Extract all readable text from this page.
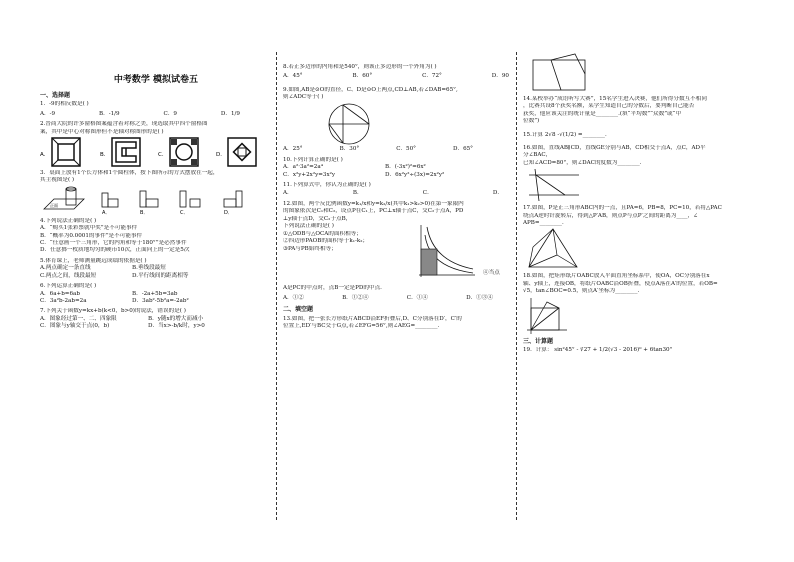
中考数学 模拟试卷五
一、选择题
1．-9的相反数是( )
A．-9	B．-1/9	C．9	D．1/9
2.晋商大院的许多窗格图案蕴含着对称之美，现选取其中四个窗格图
案，其中是中心对称图形但不是轴对称图形的是( )
A．	B．	C．	D．
3．桌面上放有1个长方体和1个圆柱体，按下图所示的方式摆放在一起，
其主视图是( )
正面
A．	B．	C．	D．
4.下列说法正确的是( )
A．“购买1张彩票就中奖”是不可能事件
B．“概率为0.0001的事件”是不可能事件
C．“任意画一个三角形，它的内角和等于180°”是必然事件
D．任意掷一枚质地均匀的硬币10次，正面向上的一定是5次
5.体育课上，老师测量跳远成绩的依据是( )
A.两点确定一条直线	B.垂线段最短
C.两点之间，线段最短	D.平行线间的距离相等
6.下列运算正确的是( )
A．6a+b=6ab	B．-2a+5b=3ab
C．3a²b-2ab=2a	D．3ab²-5b²a=-2ab²
7.下列关于函数y=kx+b(k<0，b>0)的说法，错误的是( )
A．图象经过第一、二、四象限	B．y随x的增大而减小
C．图象与y轴交于点(0，b)	D．当x>-b/k时，y>0
8.若正多边形的内角和是540°，则该正多边形的一个外角为( )
A．45°	B．60°	C．72°	D．90
9.如图,AB是⊙O的直径，C、D是⊙O上两点,CD⊥AB,若∠DAB=65°,
则∠ADC等于( )
A．25°	B．30°	C．50°	D．65°
10.下列计算正确的是( )
A．a²·3a²=2a⁴	B．(-3x²)²=6x²
C．x²y+2x²y=3x²y	D．6x²y²÷(3x)=2x²y²
11.下列算式中，你认为正确的是( )
A．	B．	C．	D．
12.如图，两个反比例函数y=k₁/x和y=k₂/x(其中k₁>k₂>0)在第一象限内
的图象依次是C₁和C₂，设点P在C₁上，PC⊥x轴于点C，交C₂于点A，PD
⊥y轴于点D，交C₂于点B，
下列说法正确的是( )
①△ODB与△OCA的面积相等；
②四边形PAOB的面积等于k₁-k₂；
③PA与PB始终相等；
④当点
A是PC的中点时，点B一定是PD的中点.
A．①②	B．①②④	C．①④	D．①③④
二、填空题
13.如图，把一张长方形纸片ABCD沿EF折叠后,D、C分别落在D′，C′的
位置上,ED′与BC交于G点,若∠EFG=56°,则∠AEG=________.
14.某校举办“成语听写大赛”，15名学生进入决赛，他们所得分数互不相同
，比赛共设8个获奖名额，某学生知道自己的分数后，要判断自己能否
获奖，他应该关注的统计量是________.(填“平均数”“众数”或“中
位数”)
15.计算 2√8 -√(1/2) =________.
16.如图，直线AB∥CD，直线GE分别与AB，CD相交于点A，点C，AD平
分∠BAC，
已知∠ACD=80°，则∠DAC的度数为________.
17.如图，P是正三角形ABC内的一点，且PA=6，PB=8，PC=10，若将△PAC
绕点A逆时针旋转后，得到△P′AB，则点P与点P′之间的距离为____，∠
APB=________.
18.如图，把矩形纸片OABC放入平面直角坐标系中，使OA，OC分别落在x
轴、y轴上，连接OB，将纸片OABC沿OB折叠，使点A落在A′的位置，若OB=
√5，tan∠BOC=0.5，则点A′坐标为________.
三、计算题
19．计算： sin²45° - ∛27 + 1/2(√3 - 2016)⁰ + 6tan30°
